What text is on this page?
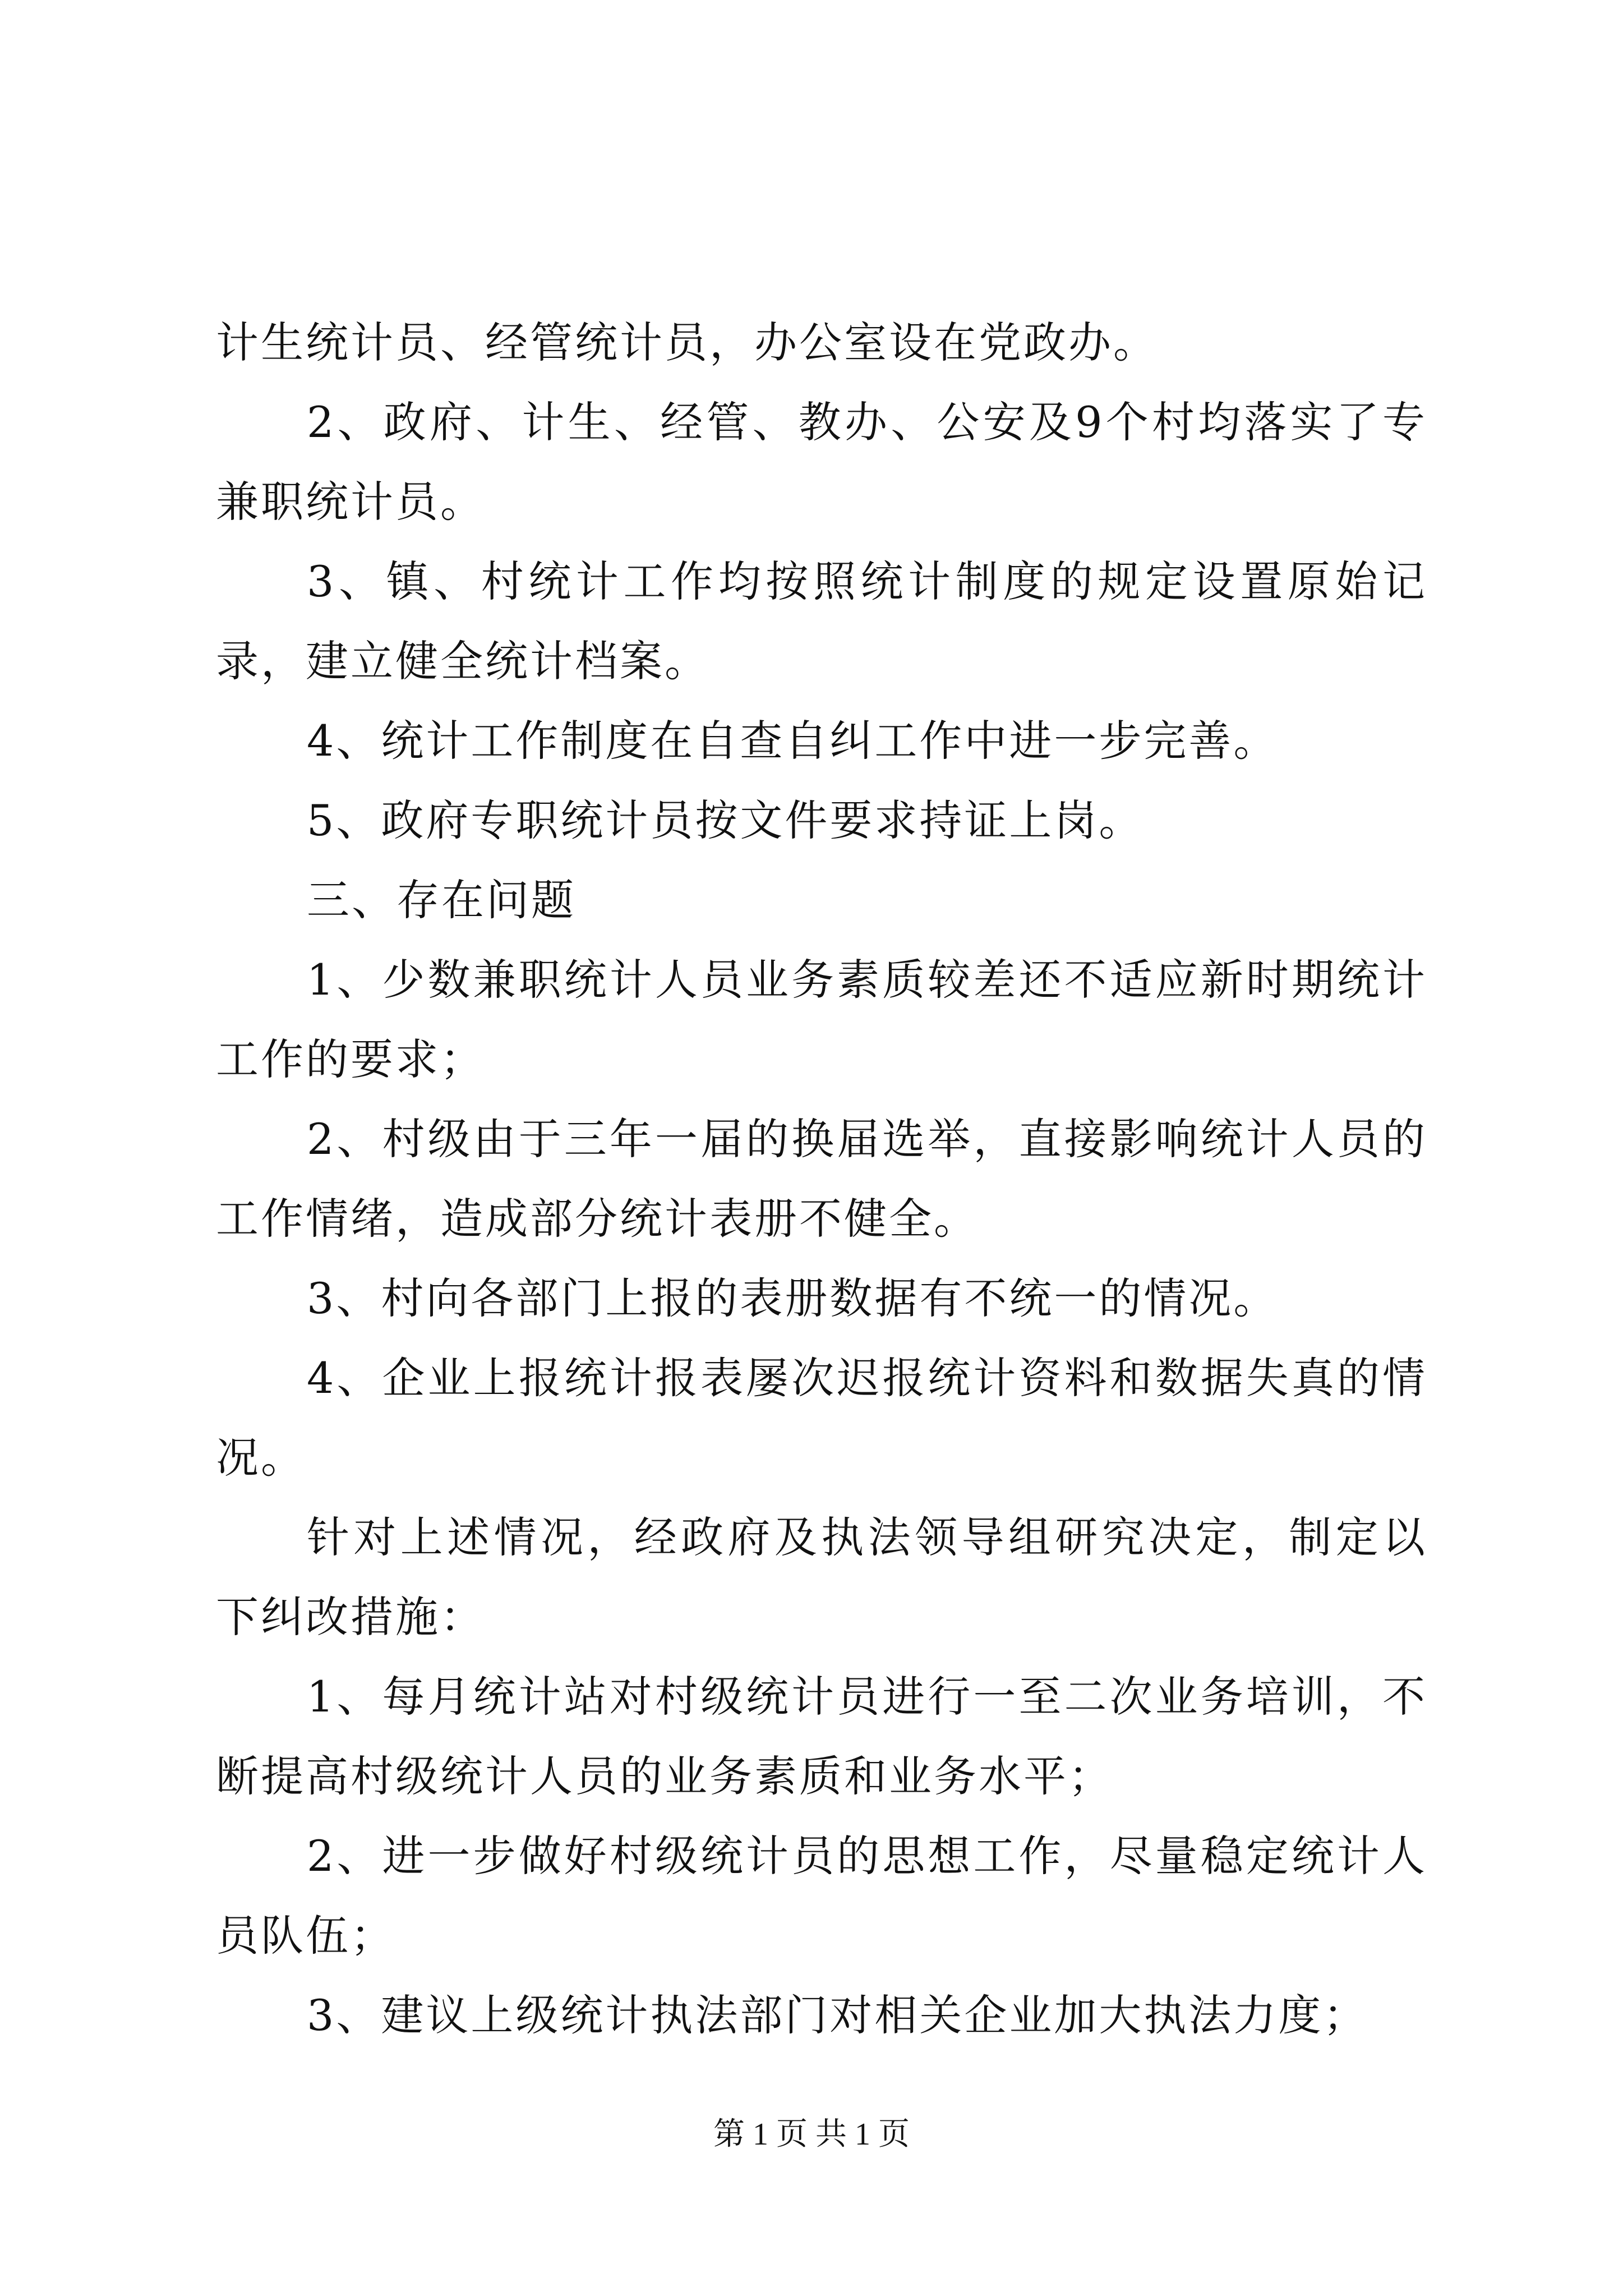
计生统计员、经管统计员，办公室设在党政办。

2、政府、计生、经管、教办、公安及9个村均落实了专兼职统计员。

3、镇、村统计工作均按照统计制度的规定设置原始记录，建立健全统计档案。

4、统计工作制度在自查自纠工作中进一步完善。

5、政府专职统计员按文件要求持证上岗。

三、存在问题

1、少数兼职统计人员业务素质较差还不适应新时期统计工作的要求；

2、村级由于三年一届的换届选举，直接影响统计人员的工作情绪，造成部分统计表册不健全。

3、村向各部门上报的表册数据有不统一的情况。

4、企业上报统计报表屡次迟报统计资料和数据失真的情况。

针对上述情况，经政府及执法领导组研究决定，制定以下纠改措施：

1、每月统计站对村级统计员进行一至二次业务培训，不断提高村级统计人员的业务素质和业务水平；

2、进一步做好村级统计员的思想工作，尽量稳定统计人员队伍；

3、建议上级统计执法部门对相关企业加大执法力度；

第 1 页 共 1 页
